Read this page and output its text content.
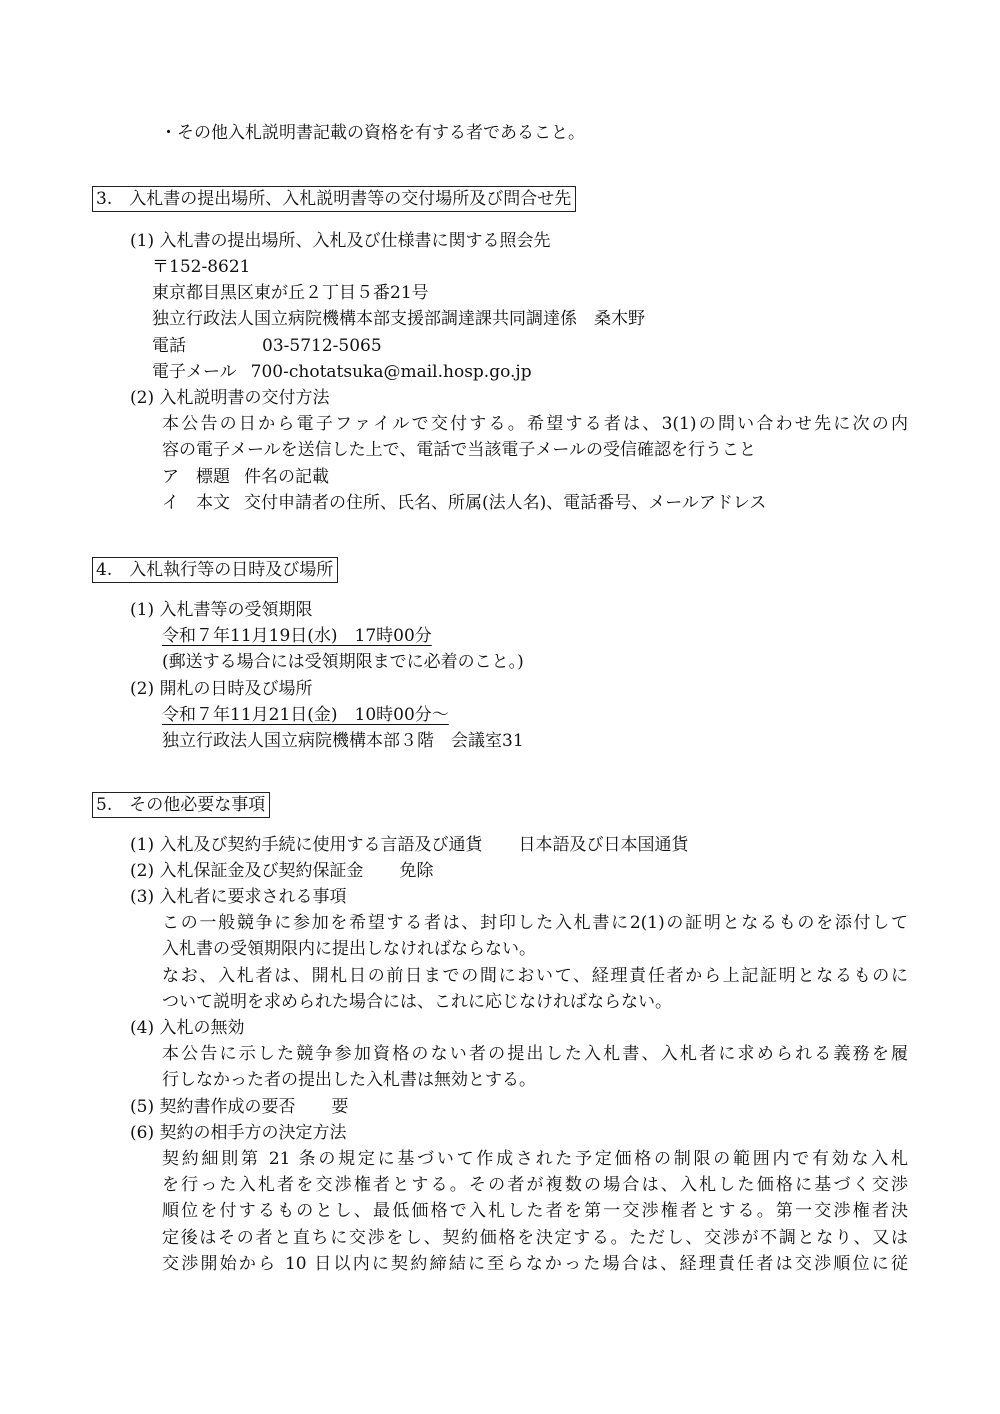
・その他入札説明書記載の資格を有する者であること。
3.　入札書の提出場所、入札説明書等の交付場所及び問合せ先
(1) 入札書の提出場所、入札及び仕様書に関する照会先
〒152-8621
東京都目黒区東が丘２丁目５番21号
独立行政法人国立病院機構本部支援部調達課共同調達係　桑木野
電話	03-5712-5065
電子メール 700-chotatsuka@mail.hosp.go.jp
(2) 入札説明書の交付方法
本公告の日から電子ファイルで交付する。希望する者は、3(1)の問い合わせ先に次の内
容の電子メールを送信した上で、電話で当該電子メールの受信確認を行うこと
ア　標題 件名の記載
イ　本文 交付申請者の住所、氏名、所属(法人名)、電話番号、メールアドレス
4.　入札執行等の日時及び場所
(1) 入札書等の受領期限
令和７年11月19日(水)　17時00分
(郵送する場合には受領期限までに必着のこと。)
(2) 開札の日時及び場所
令和７年11月21日(金)　10時00分～
独立行政法人国立病院機構本部３階　会議室31
5.　その他必要な事項
(1) 入札及び契約手続に使用する言語及び通貨 日本語及び日本国通貨
(2) 入札保証金及び契約保証金 免除
(3) 入札者に要求される事項
この一般競争に参加を希望する者は、封印した入札書に2(1)の証明となるものを添付して
入札書の受領期限内に提出しなければならない。
なお、入札者は、開札日の前日までの間において、経理責任者から上記証明となるものに
ついて説明を求められた場合には、これに応じなければならない。
(4) 入札の無効
本公告に示した競争参加資格のない者の提出した入札書、入札者に求められる義務を履
行しなかった者の提出した入札書は無効とする。
(5) 契約書作成の要否 要
(6) 契約の相手方の決定方法
契約細則第 21 条の規定に基づいて作成された予定価格の制限の範囲内で有効な入札
を行った入札者を交渉権者とする。その者が複数の場合は、入札した価格に基づく交渉
順位を付するものとし、最低価格で入札した者を第一交渉権者とする。第一交渉権者決
定後はその者と直ちに交渉をし、契約価格を決定する。ただし、交渉が不調となり、又は
交渉開始から 10 日以内に契約締結に至らなかった場合は、経理責任者は交渉順位に従
